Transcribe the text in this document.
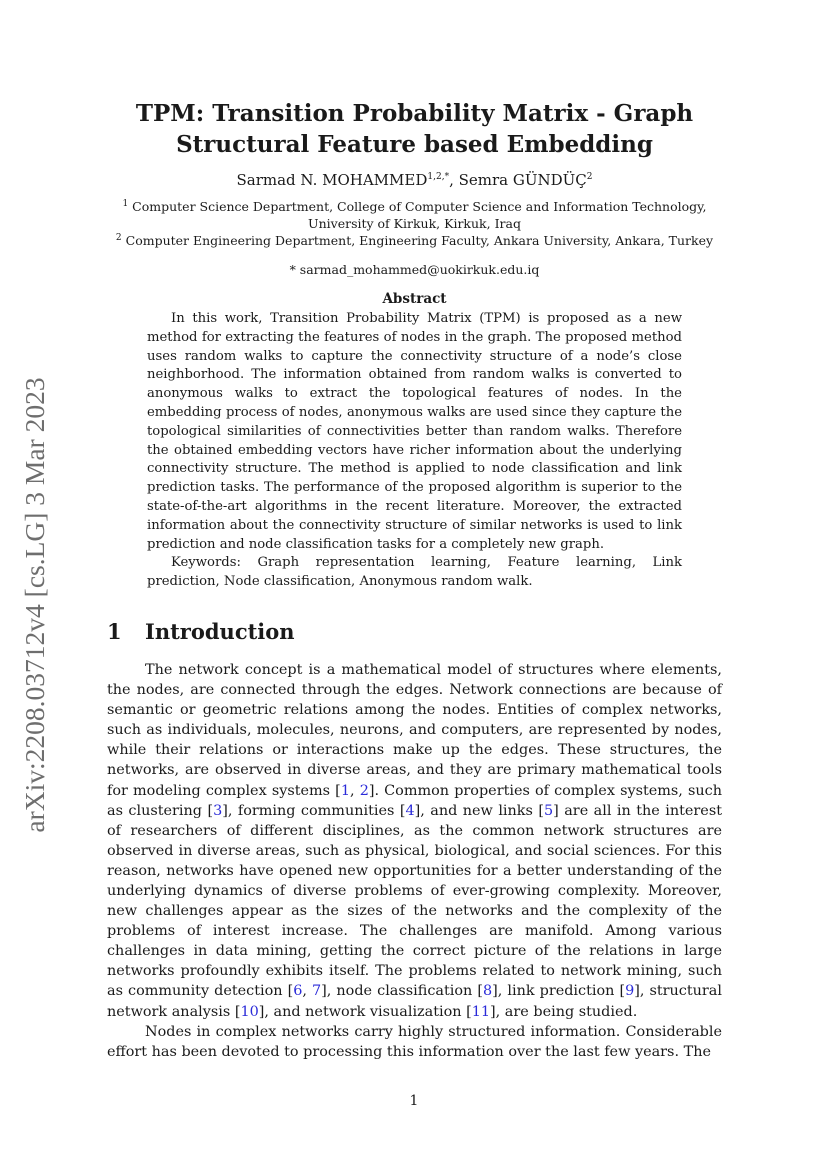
arXiv:2208.03712v4 [cs.LG] 3 Mar 2023
TPM: Transition Probability Matrix - Graph
Structural Feature based Embedding
Sarmad N. $MOHAMMED^{1,2,*}$, Semra GÜNDÜÇ$^2$

$^1$ Computer Science Department, College of Computer Science and Information Technology,
University of Kirkuk, Kirkuk, Iraq

$^2$ Computer Engineering Department, Engineering Faculty, Ankara University, Ankara, Turkey

* sarmad_mohammed@uokirkuk.edu.iq
Abstract

In this work, Transition Probability Matrix (TPM) is proposed as a new method for extracting the features of nodes in the graph. The proposed method uses random walks to capture the connectivity structure of a node’s close neighborhood. The information obtained from random walks is converted to anonymous walks to extract the topological features of nodes. In the embedding process of nodes, anonymous walks are used since they capture the topological similarities of connectivities better than random walks. Therefore the obtained embedding vectors have richer information about the underlying connectivity structure. The method is applied to node classification and link prediction tasks. The performance of the proposed algorithm is superior to the state-of-the-art algorithms in the recent literature. Moreover, the extracted information about the connectivity structure of similar networks is used to link prediction and node classification tasks for a completely new graph.

Keywords: Graph representation learning, Feature learning, Link prediction, Node classification, Anonymous random walk.

1	Introduction

The network concept is a mathematical model of structures where elements, the nodes, are connected through the edges. Network connections are because of semantic or geometric relations among the nodes. Entities of complex networks, such as individuals, molecules, neurons, and computers, are represented by nodes, while their relations or interactions make up the edges. These structures, the networks, are observed in diverse areas, and they are primary mathematical tools for modeling complex systems [1, 2]. Common properties of complex systems, such as clustering [3], forming communities [4], and new links [5] are all in the interest of researchers of different disciplines, as the common network structures are observed in diverse areas, such as physical, biological, and social sciences. For this reason, networks have opened new opportunities for a better understanding of the underlying dynamics of diverse problems of ever-growing complexity. Moreover, new challenges appear as the sizes of the networks and the complexity of the problems of interest increase. The challenges are manifold. Among various challenges in data mining, getting the correct picture of the relations in large networks profoundly exhibits itself. The problems related to network mining, such as community detection [6, 7], node classification [8], link prediction [9], structural network analysis [10], and network visualization [11], are being studied.

Nodes in complex networks carry highly structured information. Considerable effort has been devoted to processing this information over the last few years. The

1
